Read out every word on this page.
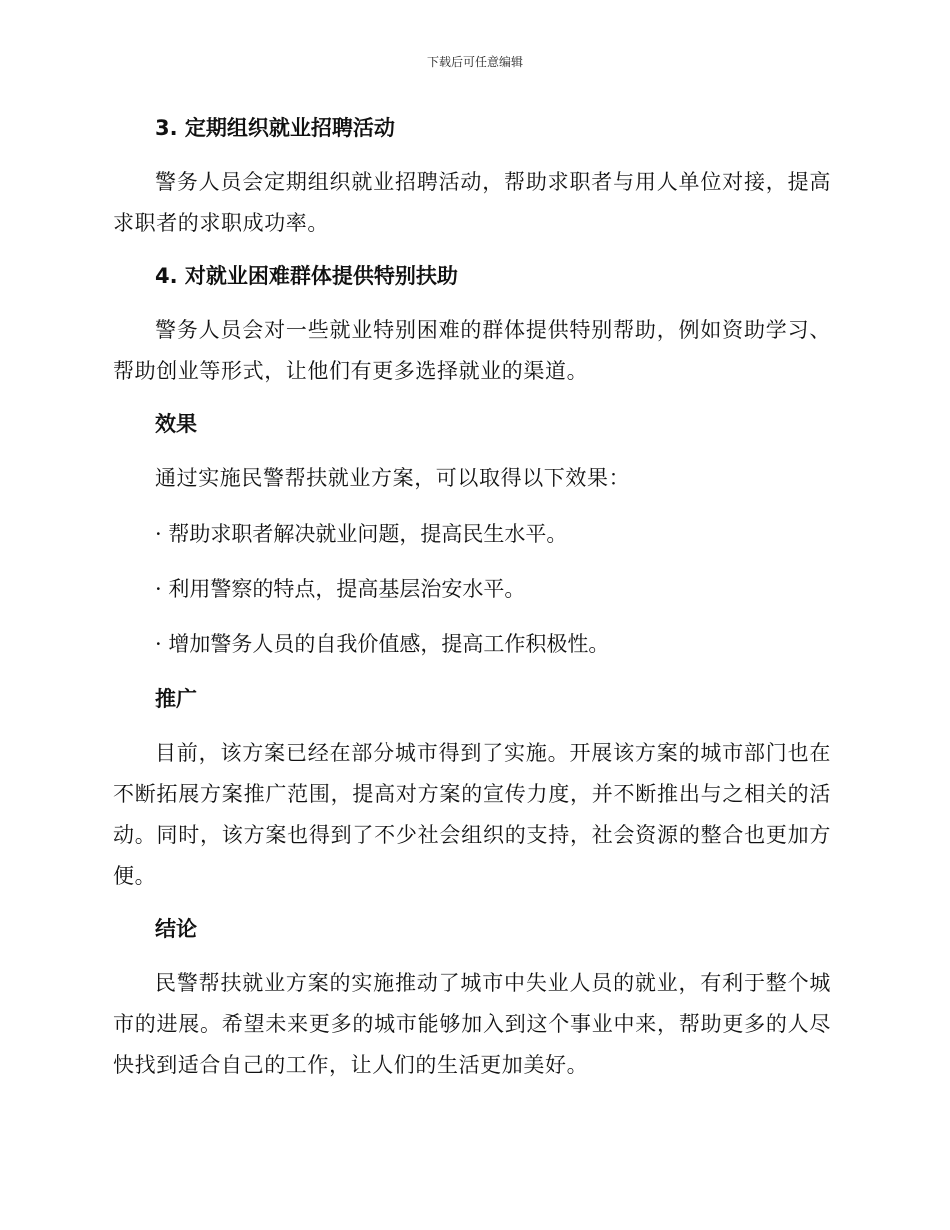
下载后可任意编辑
3. 定期组织就业招聘活动

警务人员会定期组织就业招聘活动，帮助求职者与用人单位对接，提高求职者的求职成功率。

4. 对就业困难群体提供特别扶助

警务人员会对一些就业特别困难的群体提供特别帮助，例如资助学习、帮助创业等形式，让他们有更多选择就业的渠道。

效果

通过实施民警帮扶就业方案，可以取得以下效果：

· 帮助求职者解决就业问题，提高民生水平。

· 利用警察的特点，提高基层治安水平。

· 增加警务人员的自我价值感，提高工作积极性。

推广

目前，该方案已经在部分城市得到了实施。开展该方案的城市部门也在不断拓展方案推广范围，提高对方案的宣传力度，并不断推出与之相关的活动。同时，该方案也得到了不少社会组织的支持，社会资源的整合也更加方便。

结论

民警帮扶就业方案的实施推动了城市中失业人员的就业，有利于整个城市的进展。希望未来更多的城市能够加入到这个事业中来，帮助更多的人尽快找到适合自己的工作，让人们的生活更加美好。
